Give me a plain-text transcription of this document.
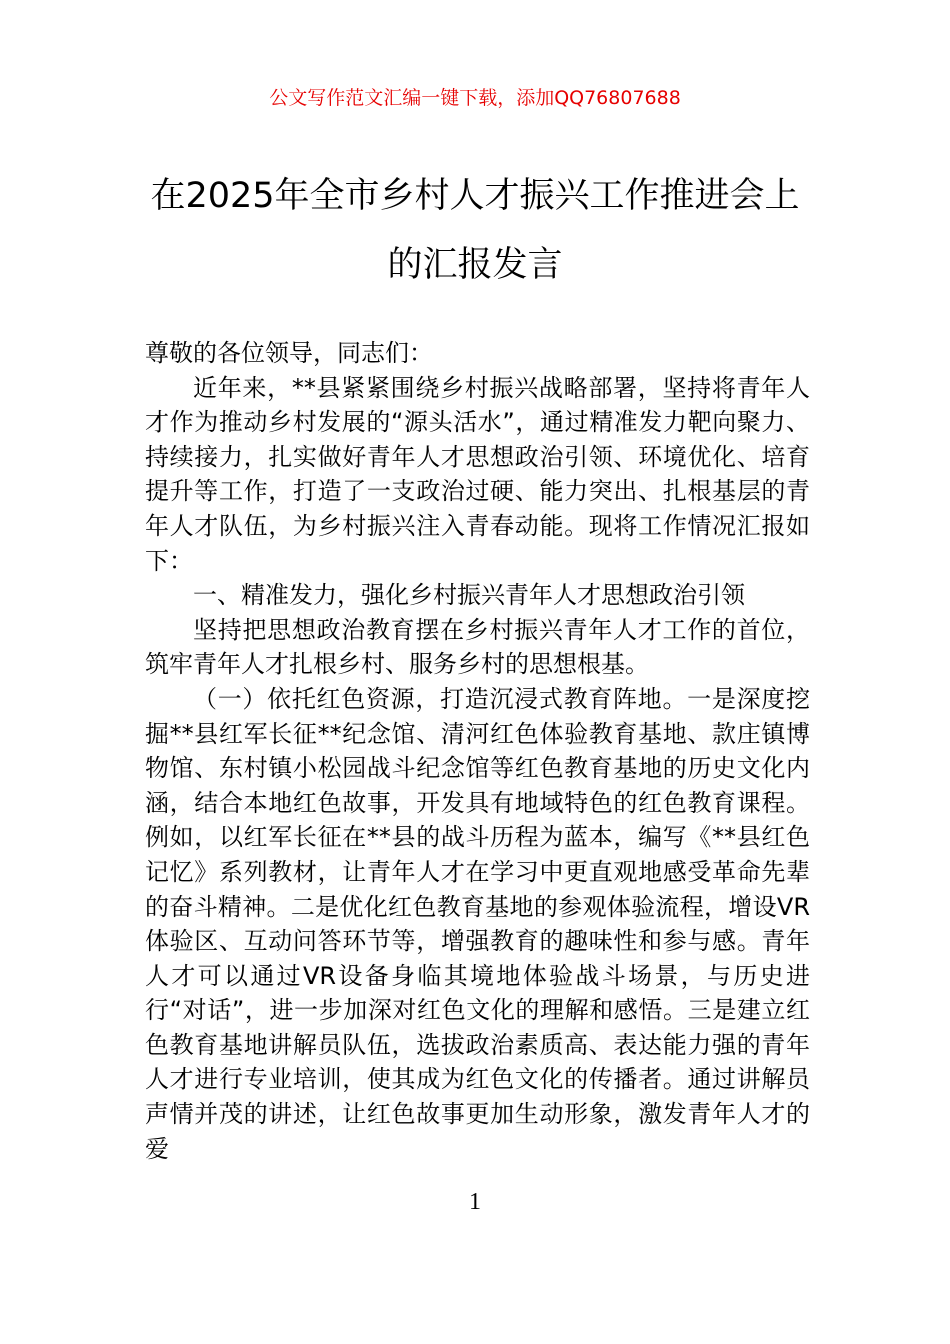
公文写作范文汇编一键下载，添加QQ76807688
在2025年全市乡村人才振兴工作推进会上
的汇报发言

尊敬的各位领导，同志们：

近年来，**县紧紧围绕乡村振兴战略部署，坚持将青年人才作为推动乡村发展的“源头活水”，通过精准发力靶向聚力、持续接力，扎实做好青年人才思想政治引领、环境优化、培育提升等工作，打造了一支政治过硬、能力突出、扎根基层的青年人才队伍，为乡村振兴注入青春动能。现将工作情况汇报如下：

一、精准发力，强化乡村振兴青年人才思想政治引领

坚持把思想政治教育摆在乡村振兴青年人才工作的首位，筑牢青年人才扎根乡村、服务乡村的思想根基。

（一）依托红色资源，打造沉浸式教育阵地。一是深度挖掘**县红军长征**纪念馆、清河红色体验教育基地、款庄镇博物馆、东村镇小松园战斗纪念馆等红色教育基地的历史文化内涵，结合本地红色故事，开发具有地域特色的红色教育课程。例如，以红军长征在**县的战斗历程为蓝本，编写《**县红色记忆》系列教材，让青年人才在学习中更直观地感受革命先辈的奋斗精神。二是优化红色教育基地的参观体验流程，增设VR体验区、互动问答环节等，增强教育的趣味性和参与感。青年人才可以通过VR设备身临其境地体验战斗场景，与历史进行“对话”，进一步加深对红色文化的理解和感悟。三是建立红色教育基地讲解员队伍，选拔政治素质高、表达能力强的青年人才进行专业培训，使其成为红色文化的传播者。通过讲解员声情并茂的讲述，让红色故事更加生动形象，激发青年人才的爱

1
